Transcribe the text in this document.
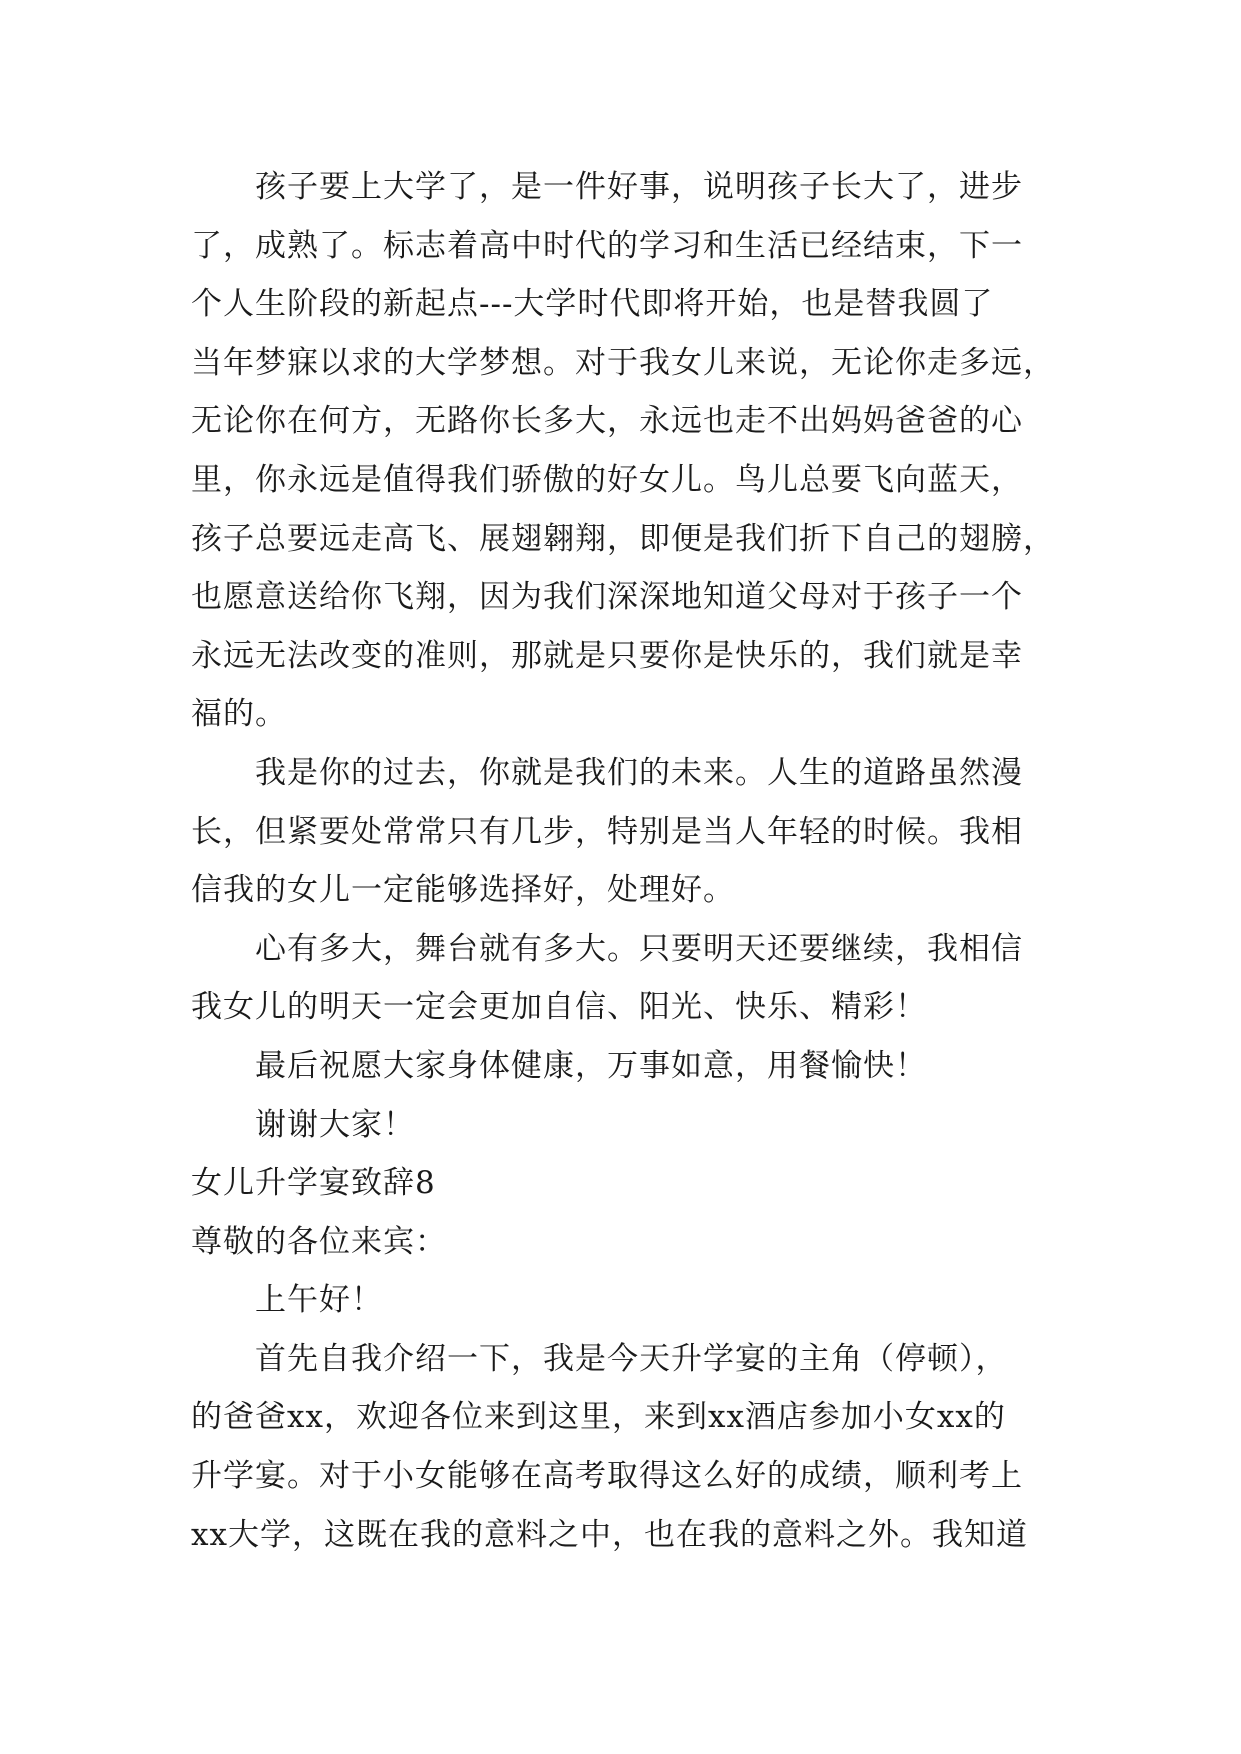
孩子要上大学了，是一件好事，说明孩子长大了，进步
了，成熟了。标志着高中时代的学习和生活已经结束，下一
个人生阶段的新起点---大学时代即将开始，也是替我圆了
当年梦寐以求的大学梦想。对于我女儿来说，无论你走多远，
无论你在何方，无路你长多大，永远也走不出妈妈爸爸的心
里，你永远是值得我们骄傲的好女儿。鸟儿总要飞向蓝天，
孩子总要远走高飞、展翅翱翔，即便是我们折下自己的翅膀，
也愿意送给你飞翔，因为我们深深地知道父母对于孩子一个
永远无法改变的准则，那就是只要你是快乐的，我们就是幸
福的。
我是你的过去，你就是我们的未来。人生的道路虽然漫
长，但紧要处常常只有几步，特别是当人年轻的时候。我相
信我的女儿一定能够选择好，处理好。
心有多大，舞台就有多大。只要明天还要继续，我相信
我女儿的明天一定会更加自信、阳光、快乐、精彩！
最后祝愿大家身体健康，万事如意，用餐愉快！
谢谢大家！
女儿升学宴致辞8
尊敬的各位来宾：
上午好！
首先自我介绍一下，我是今天升学宴的主角（停顿），
的爸爸xx，欢迎各位来到这里，来到xx酒店参加小女xx的
升学宴。对于小女能够在高考取得这么好的成绩，顺利考上
xx大学，这既在我的意料之中，也在我的意料之外。我知道
